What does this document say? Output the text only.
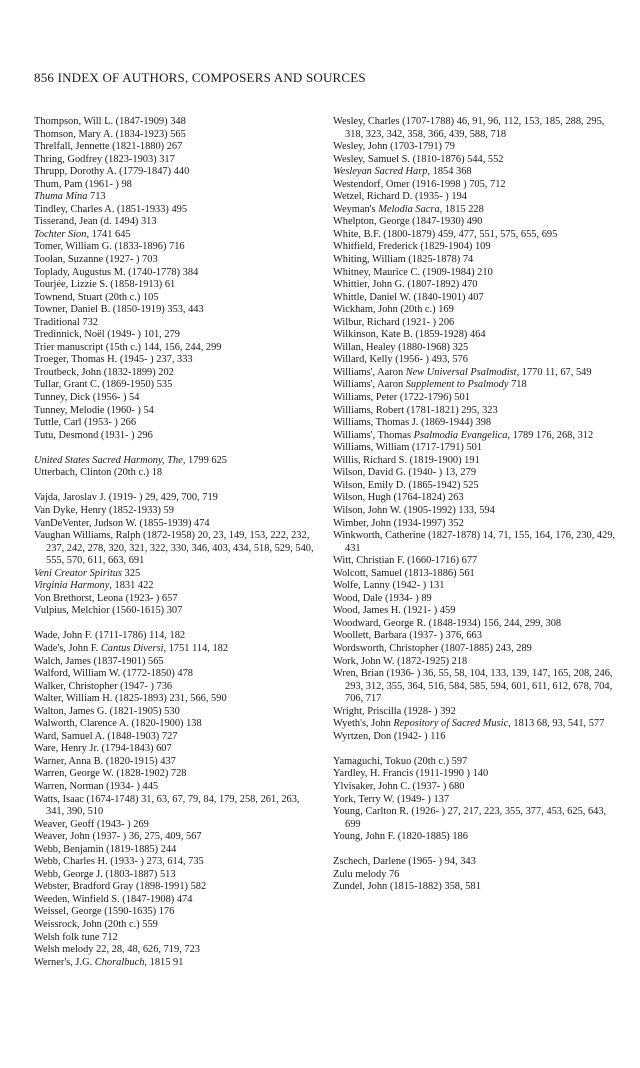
856 INDEX OF AUTHORS, COMPOSERS AND SOURCES
Thompson, Will L. (1847-1909) 348
Thomson, Mary A. (1834-1923) 565
Threlfall, Jennette (1821-1880) 267
Thring, Godfrey (1823-1903) 317
Thrupp, Dorothy A. (1779-1847) 440
Thum, Pam (1961- ) 98
Thuma Mina 713
Tindley, Charles A. (1851-1933) 495
Tisserand, Jean (d. 1494) 313
Tochter Sion, 1741 645
Tomer, William G. (1833-1896) 716
Toolan, Suzanne (1927- ) 703
Toplady, Augustus M. (1740-1778) 384
Tourjée, Lizzie S. (1858-1913) 61
Townend, Stuart (20th c.) 105
Towner, Daniel B. (1850-1919) 353, 443
Traditional 732
Tredinnick, Noël (1949- ) 101, 279
Trier manuscript (15th c.) 144, 156, 244, 299
Troeger, Thomas H. (1945- ) 237, 333
Troutbeck, John (1832-1899) 202
Tullar, Grant C. (1869-1950) 535
Tunney, Dick (1956- ) 54
Tunney, Melodie (1960- ) 54
Tuttle, Carl (1953- ) 266
Tutu, Desmond (1931- ) 296
United States Sacred Harmony, The, 1799 625
Utterbach, Clinton (20th c.) 18
Vajda, Jaroslav J. (1919- ) 29, 429, 700, 719
Van Dyke, Henry (1852-1933) 59
VanDeVenter, Judson W. (1855-1939) 474
Vaughan Williams, Ralph (1872-1958) 20, 23, 149, 153, 222, 232, 237, 242, 278, 320, 321, 322, 330, 346, 403, 434, 518, 529, 540, 555, 570, 611, 663, 691
Veni Creator Spiritus 325
Virginia Harmony, 1831 422
Von Brethorst, Leona (1923- ) 657
Vulpius, Melchior (1560-1615) 307
Wade, John F. (1711-1786) 114, 182
Wade's, John F. Cantus Diversi, 1751 114, 182
Walch, James (1837-1901) 565
Walford, William W. (1772-1850) 478
Walker, Christopher (1947- ) 736
Walter, William H. (1825-1893) 231, 566, 590
Walton, James G. (1821-1905) 530
Walworth, Clarence A. (1820-1900) 138
Ward, Samuel A. (1848-1903) 727
Ware, Henry Jr. (1794-1843) 607
Warner, Anna B. (1820-1915) 437
Warren, George W. (1828-1902) 728
Warren, Norman (1934- ) 445
Watts, Isaac (1674-1748) 31, 63, 67, 79, 84, 179, 258, 261, 263, 341, 390, 510
Weaver, Geoff (1943- ) 269
Weaver, John (1937- ) 36, 275, 409, 567
Webb, Benjamin (1819-1885) 244
Webb, Charles H. (1933- ) 273, 614, 735
Webb, George J. (1803-1887) 513
Webster, Bradford Gray (1898-1991) 582
Weeden, Winfield S. (1847-1908) 474
Weissel, George (1590-1635) 176
Weissrock, John (20th c.) 559
Welsh folk tune 712
Welsh melody 22, 28, 48, 626, 719, 723
Werner's, J.G. Choralbuch, 1815 91
Wesley, Charles (1707-1788) 46, 91, 96, 112, 153, 185, 288, 295, 318, 323, 342, 358, 366, 439, 588, 718
Wesley, John (1703-1791) 79
Wesley, Samuel S. (1810-1876) 544, 552
Wesleyan Sacred Harp, 1854 368
Westendorf, Omer (1916-1998 ) 705, 712
Wetzel, Richard D. (1935- ) 194
Weyman's Melodia Sacra, 1815 228
Whelpton, George (1847-1930) 490
White, B.F. (1800-1879) 459, 477, 551, 575, 655, 695
Whitfield, Frederick (1829-1904) 109
Whiting, William (1825-1878) 74
Whitney, Maurice C. (1909-1984) 210
Whittier, John G. (1807-1892) 470
Whittle, Daniel W. (1840-1901) 407
Wickham, John (20th c.) 169
Wilbur, Richard (1921- ) 206
Wilkinson, Kate B. (1859-1928) 464
Willan, Healey (1880-1968) 325
Willard, Kelly (1956- ) 493, 576
Williams', Aaron New Universal Psalmodist, 1770 11, 67, 549
Williams', Aaron Supplement to Psalmody 718
Williams, Peter (1722-1796) 501
Williams, Robert (1781-1821) 295, 323
Williams, Thomas J. (1869-1944) 398
Williams', Thomas Psalmodia Evangelica, 1789 176, 268, 312
Williams, William (1717-1791) 501
Willis, Richard S. (1819-1900) 191
Wilson, David G. (1940- ) 13, 279
Wilson, Emily D. (1865-1942) 525
Wilson, Hugh (1764-1824) 263
Wilson, John W. (1905-1992) 133, 594
Wimber, John (1934-1997) 352
Winkworth, Catherine (1827-1878) 14, 71, 155, 164, 176, 230, 429, 431
Witt, Christian F. (1660-1716) 677
Wolcott, Samuel (1813-1886) 561
Wolfe, Lanny (1942- ) 131
Wood, Dale (1934- ) 89
Wood, James H. (1921- ) 459
Woodward, George R. (1848-1934) 156, 244, 299, 308
Woollett, Barbara (1937- ) 376, 663
Wordsworth, Christopher (1807-1885) 243, 289
Work, John W. (1872-1925) 218
Wren, Brian (1936- ) 36, 55, 58, 104, 133, 139, 147, 165, 208, 246, 293, 312, 355, 364, 516, 584, 585, 594, 601, 611, 612, 678, 704, 706, 717
Wright, Priscilla (1928- ) 392
Wyeth's, John Repository of Sacred Music, 1813 68, 93, 541, 577
Wyrtzen, Don (1942- ) 116
Yamaguchi, Tokuo (20th c.) 597
Yardley, H. Francis (1911-1990 ) 140
Ylvisaker, John C. (1937- ) 680
York, Terry W. (1949- ) 137
Young, Carlton R. (1926- ) 27, 217, 223, 355, 377, 453, 625, 643, 699
Young, John F. (1820-1885) 186
Zschech, Darlene (1965- ) 94, 343
Zulu melody 76
Zundel, John (1815-1882) 358, 581
